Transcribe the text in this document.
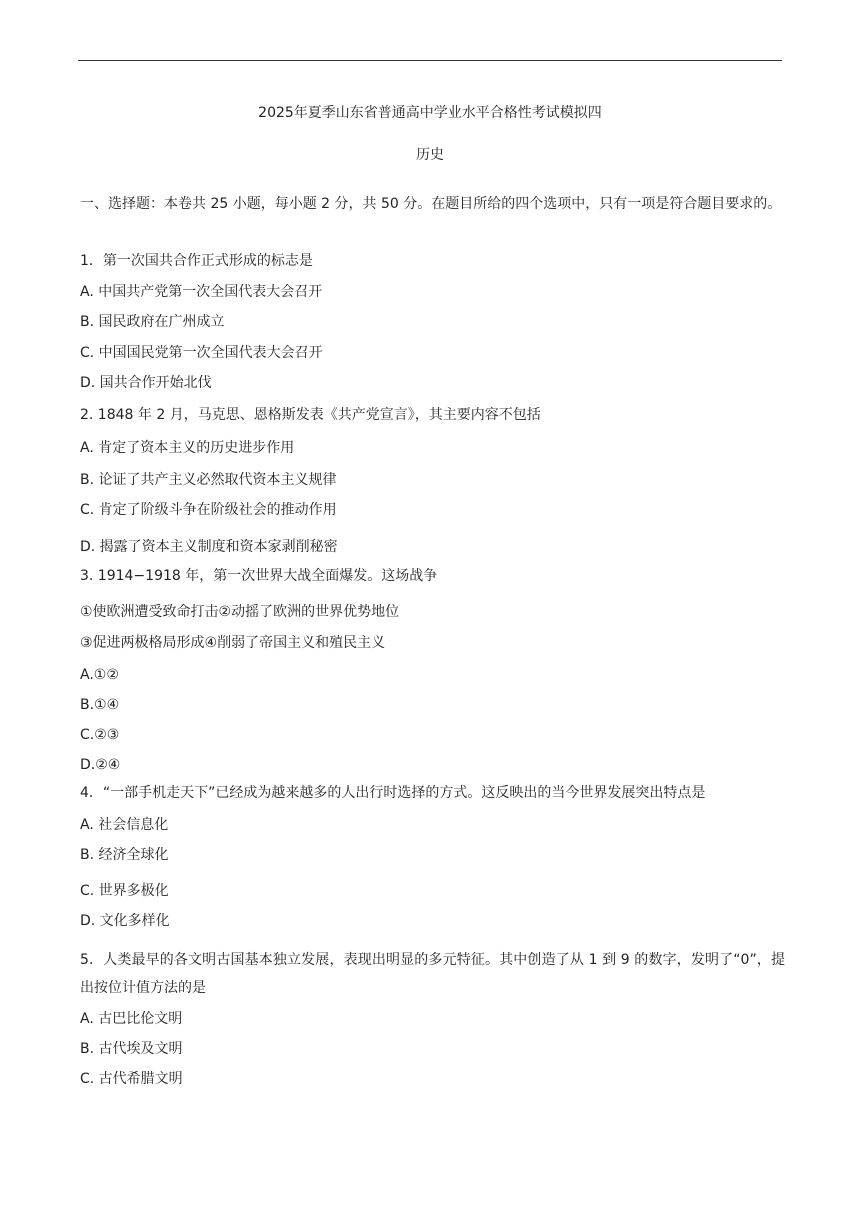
2025年夏季山东省普通高中学业水平合格性考试模拟四
历史
一、选择题：本卷共 25 小题，每小题 2 分，共 50 分。在题目所给的四个选项中，只有一项是符合题目要求的。
1．第一次国共合作正式形成的标志是
A. 中国共产党第一次全国代表大会召开
B. 国民政府在广州成立
C. 中国国民党第一次全国代表大会召开
D. 国共合作开始北伐
2. 1848 年 2 月，马克思、恩格斯发表《共产党宣言》，其主要内容不包括
A. 肯定了资本主义的历史进步作用
B. 论证了共产主义必然取代资本主义规律
C. 肯定了阶级斗争在阶级社会的推动作用
D. 揭露了资本主义制度和资本家剥削秘密
3. 1914−1918 年，第一次世界大战全面爆发。这场战争
①使欧洲遭受致命打击②动摇了欧洲的世界优势地位
③促进两极格局形成④削弱了帝国主义和殖民主义
A.①②
B.①④
C.②③
D.②④
4．“一部手机走天下”已经成为越来越多的人出行时选择的方式。这反映出的当今世界发展突出特点是
A. 社会信息化
B. 经济全球化
C. 世界多极化
D. 文化多样化
5．人类最早的各文明古国基本独立发展，表现出明显的多元特征。其中创造了从 1 到 9 的数字，发明了“0”，提出按位计值方法的是
A. 古巴比伦文明
B. 古代埃及文明
C. 古代希腊文明
